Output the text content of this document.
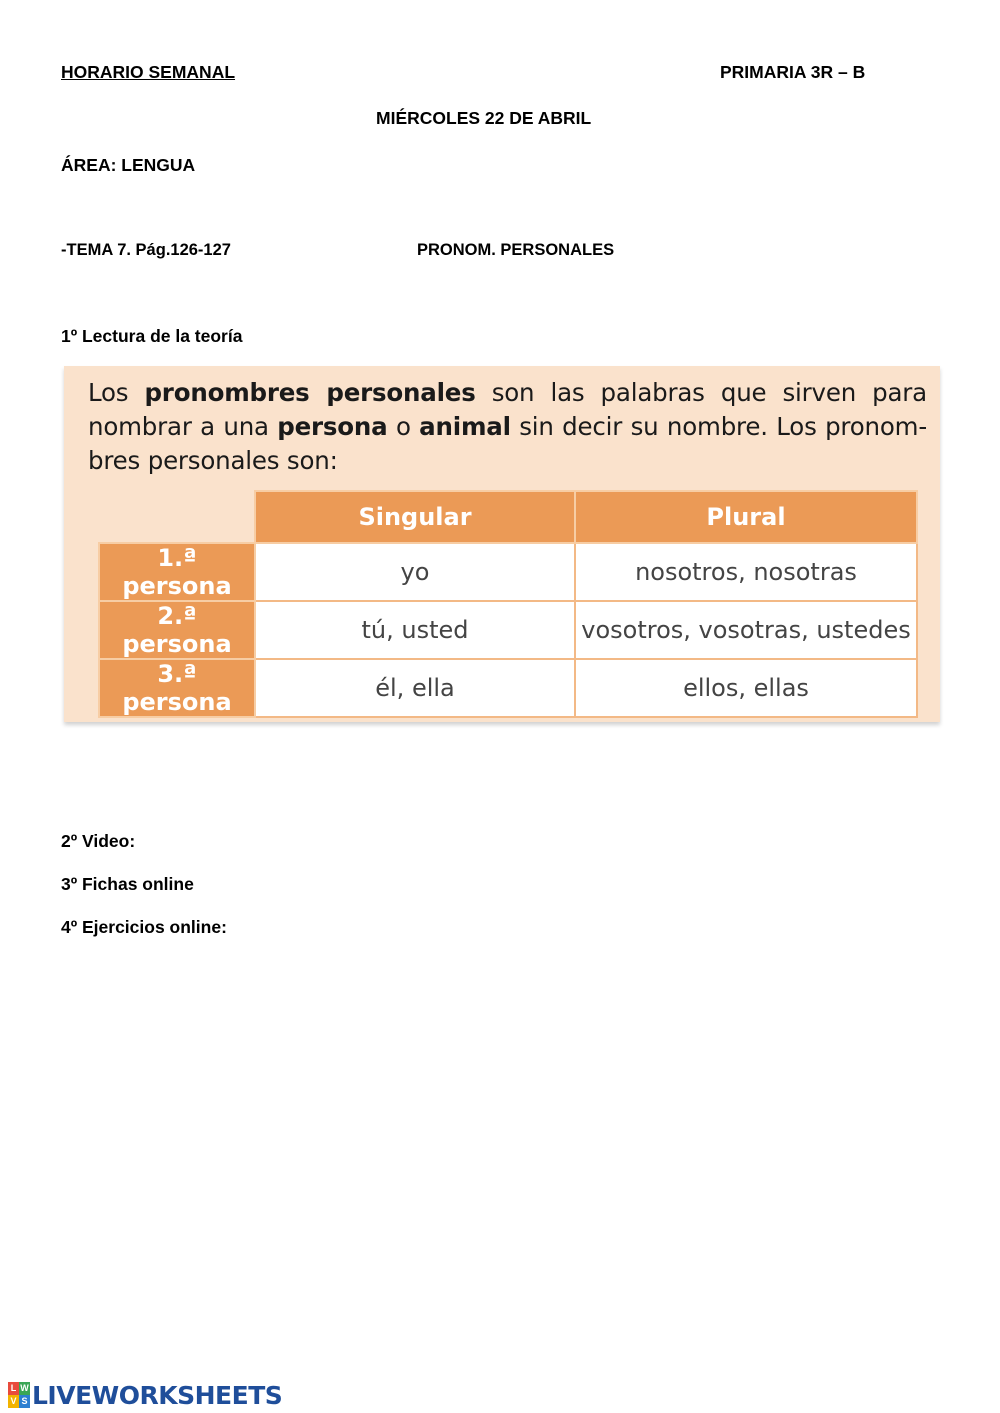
HORARIO SEMANAL	PRIMARIA 3R – B
MIÉRCOLES 22 DE ABRIL
ÁREA: LENGUA
-TEMA 7. Pág.126-127	PRONOM. PERSONALES
1º Lectura de la teoría
Los pronombres personales son las palabras que sirven para
nombrar a una persona o animal sin decir su nombre. Los pronom-
bres personales son:
	Singular	Plural
1.ª persona	yo	nosotros, nosotras
2.ª persona	tú, usted	vosotros, vosotras, ustedes
3.ª persona	él, ella	ellos, ellas
2º Video:
3º Fichas online
4º Ejercicios online:
L W
V S LIVEWORKSHEETS
